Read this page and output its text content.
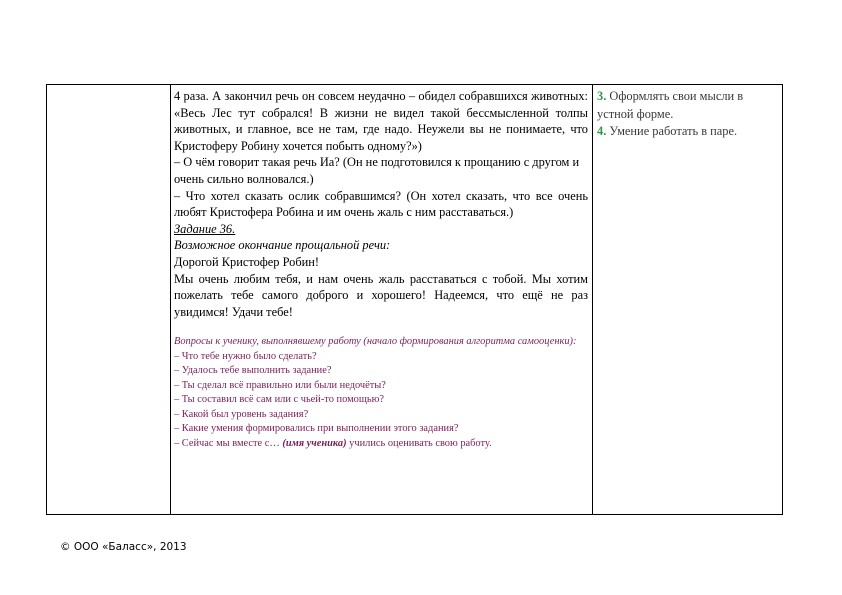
4 раза. А закончил речь он совсем неудачно – обидел собравшихся животных: «Весь Лес тут собрался! В жизни не видел такой бессмысленной толпы животных, и главное, все не там, где надо. Неужели вы не понимаете, что Кристоферу Робину хочется побыть одному?»)

– О чём говорит такая речь Иа? (Он не подготовился к прощанию с другом и очень сильно волновался.)

– Что хотел сказать ослик собравшимся? (Он хотел сказать, что все очень любят Кристофера Робина и им очень жаль с ним расставаться.)

Задание 36.

Возможное окончание прощальной речи:

Дорогой Кристофер Робин!

Мы очень любим тебя, и нам очень жаль расставаться с тобой. Мы хотим пожелать тебе самого доброго и хорошего! Надеемся, что ещё не раз увидимся! Удачи тебе!

Вопросы к ученику, выполнявшему работу (начало формирования алгоритма самооценки):

– Что тебе нужно было сделать?

– Удалось тебе выполнить задание?

– Ты сделал всё правильно или были недочёты?

– Ты составил всё сам или с чьей-то помощью?

– Какой был уровень задания?

– Какие умения формировались при выполнении этого задания?

– Сейчас мы вместе с… (имя ученика) учились оценивать свою работу.

3. Оформлять свои мысли в устной форме.

4. Умение работать в паре.

© ООО «Баласс», 2013
